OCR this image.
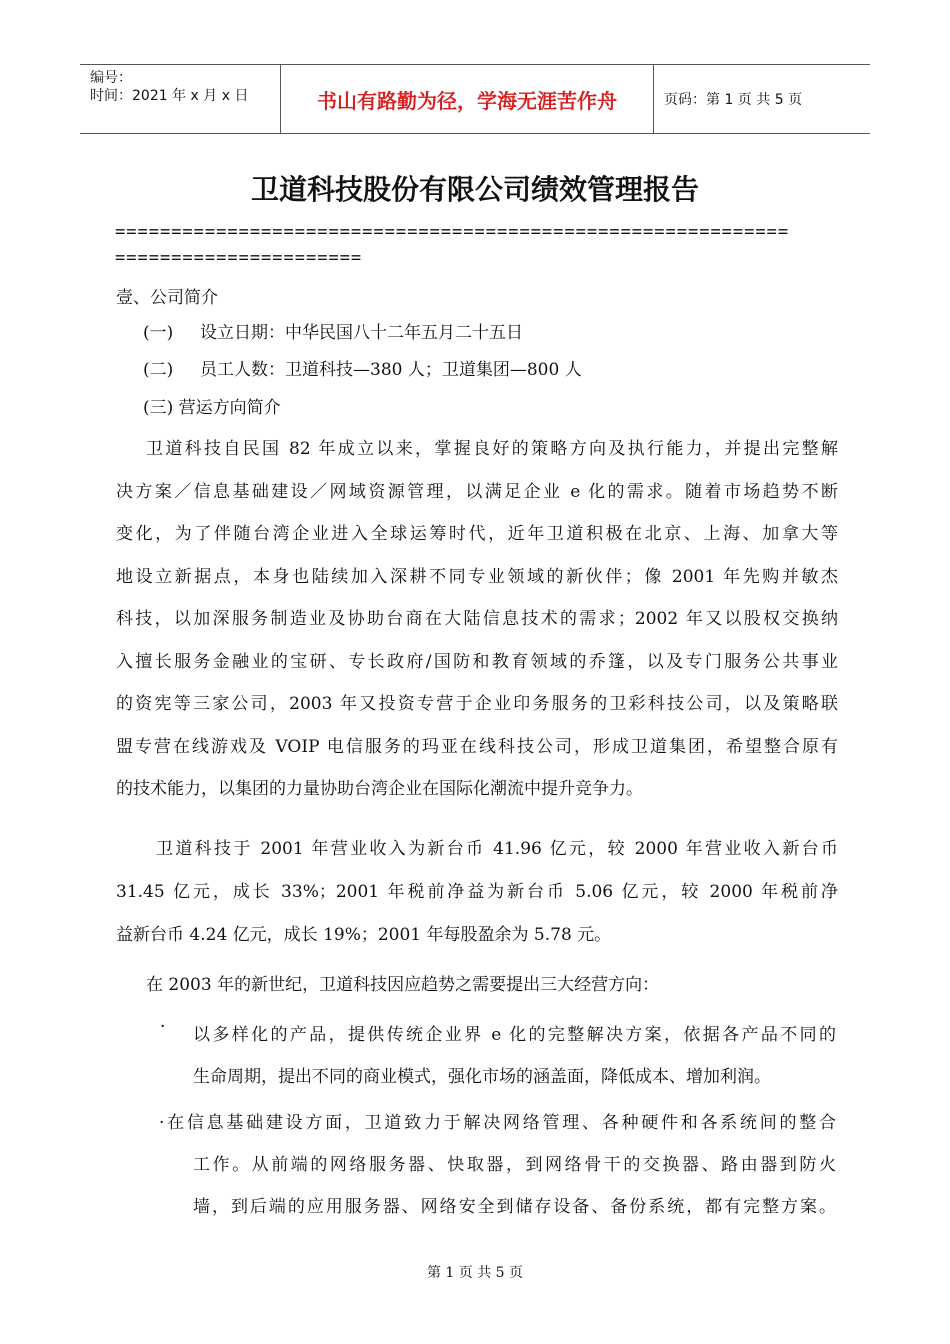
编号：
时间：2021 年 x 月 x 日	书山有路勤为径，学海无涯苦作舟	页码：第 1 页 共 5 页
卫道科技股份有限公司绩效管理报告
============================================================
======================
壹、公司简介
(一) 设立日期：中华民国八十二年五月二十五日
(二) 员工人数：卫道科技—380 人；卫道集团—800 人
(三) 营运方向简介
卫道科技自民国 82 年成立以来，掌握良好的策略方向及执行能力，并提出完整解
决方案／信息基础建设／网域资源管理，以满足企业 e 化的需求。随着市场趋势不断
变化，为了伴随台湾企业进入全球运筹时代，近年卫道积极在北京、上海、加拿大等
地设立新据点，本身也陆续加入深耕不同专业领域的新伙伴；像 2001 年先购并敏杰
科技，以加深服务制造业及协助台商在大陆信息技术的需求；2002 年又以股权交换纳
入擅长服务金融业的宝研、专长政府/国防和教育领域的乔篷，以及专门服务公共事业
的资宪等三家公司，2003 年又投资专营于企业印务服务的卫彩科技公司，以及策略联
盟专营在线游戏及 VOIP 电信服务的玛亚在线科技公司，形成卫道集团，希望整合原有
的技术能力，以集团的力量协助台湾企业在国际化潮流中提升竞争力。
卫道科技于 2001 年营业收入为新台币 41.96 亿元，较 2000 年营业收入新台币
31.45 亿元，成长 33%；2001 年税前净益为新台币 5.06 亿元，较 2000 年税前净
益新台币 4.24 亿元，成长 19%；2001 年每股盈余为 5.78 元。
在 2003 年的新世纪，卫道科技因应趋势之需要提出三大经营方向：
· 以多样化的产品，提供传统企业界 e 化的完整解决方案，依据各产品不同的
生命周期，提出不同的商业模式，强化市场的涵盖面，降低成本、增加利润。
·在信息基础建设方面，卫道致力于解决网络管理、各种硬件和各系统间的整合
工作。从前端的网络服务器、快取器，到网络骨干的交换器、路由器到防火
墙，到后端的应用服务器、网络安全到储存设备、备份系统，都有完整方案。
第 1 页 共 5 页
